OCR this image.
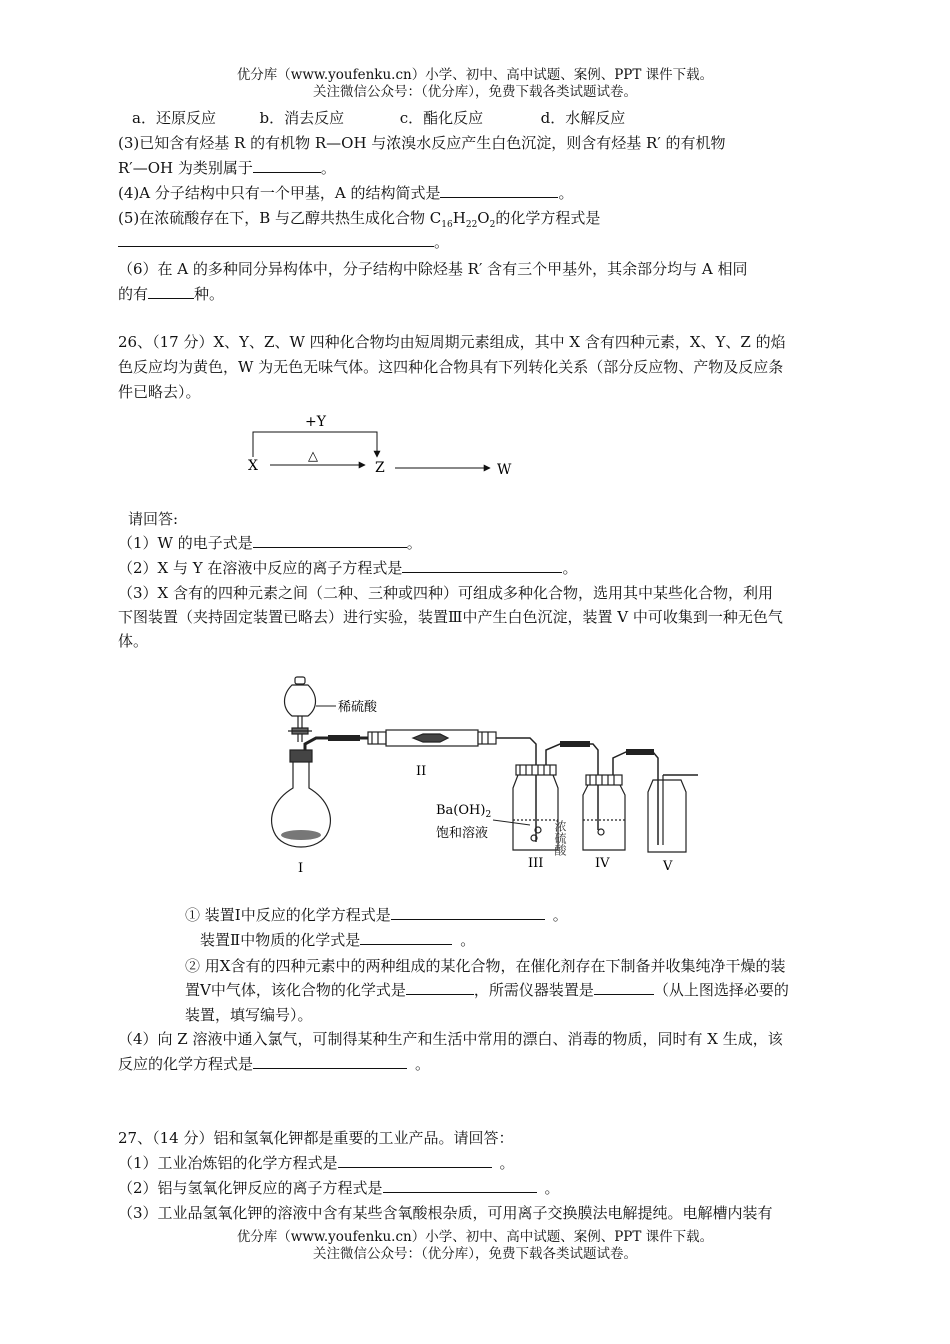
优分库（www.youfenku.cn）小学、初中、高中试题、案例、PPT 课件下载。
关注微信公众号：（优分库），免费下载各类试题试卷。
a．还原反应	b．消去反应	c．酯化反应	d．水解反应
(3)已知含有烃基 R 的有机物 R—OH 与浓溴水反应产生白色沉淀，则含有烃基 R′ 的有机物
R′—OH 为类别属于	。
(4)A 分子结构中只有一个甲基，A 的结构简式是	。
(5)在浓硫酸存在下，B 与乙醇共热生成化合物 $C_{16}H_{22}O_2$的化学方程式是
。
（6）在 A 的多种同分异构体中，分子结构中除烃基 R′ 含有三个甲基外，其余部分均与 A 相同
的有	种。
26、（17 分）X、Y、Z、W 四种化合物均由短周期元素组成，其中 X 含有四种元素，X、Y、Z 的焰
色反应均为黄色，W 为无色无味气体。这四种化合物具有下列转化关系（部分反应物、产物及反应条
件已略去）。
+Y
△
X	Z	W
请回答:
（1）W 的电子式是	。
（2）X 与 Y 在溶液中反应的离子方程式是	。
（3）X 含有的四种元素之间（二种、三种或四种）可组成多种化合物，选用其中某些化合物，利用
下图装置（夹持固定装置已略去）进行实验，装置Ⅲ中产生白色沉淀，装置 V 中可收集到一种无色气
体。
稀硫酸
I
II
III
$Ba(OH)_2$
饱和溶液
IV
浓硫酸
V
① 装置Ⅰ中反应的化学方程式是	。
装置Ⅱ中物质的化学式是	。
② 用Ⅹ含有的四种元素中的两种组成的某化合物，在催化剂存在下制备并收集纯净干燥的装
置Ⅴ中气体，该化合物的化学式是	，所需仪器装置是	（从上图选择必要的
装置，填写编号）。
（4）向 Z 溶液中通入氯气，可制得某种生产和生活中常用的漂白、消毒的物质，同时有 X 生成，该
反应的化学方程式是	。
27、（14 分）铝和氢氧化钾都是重要的工业产品。请回答：
（1）工业冶炼铝的化学方程式是	。
（2）铝与氢氧化钾反应的离子方程式是	。
（3）工业品氢氧化钾的溶液中含有某些含氧酸根杂质，可用离子交换膜法电解提纯。电解槽内装有
优分库（www.youfenku.cn）小学、初中、高中试题、案例、PPT 课件下载。
关注微信公众号：（优分库），免费下载各类试题试卷。
